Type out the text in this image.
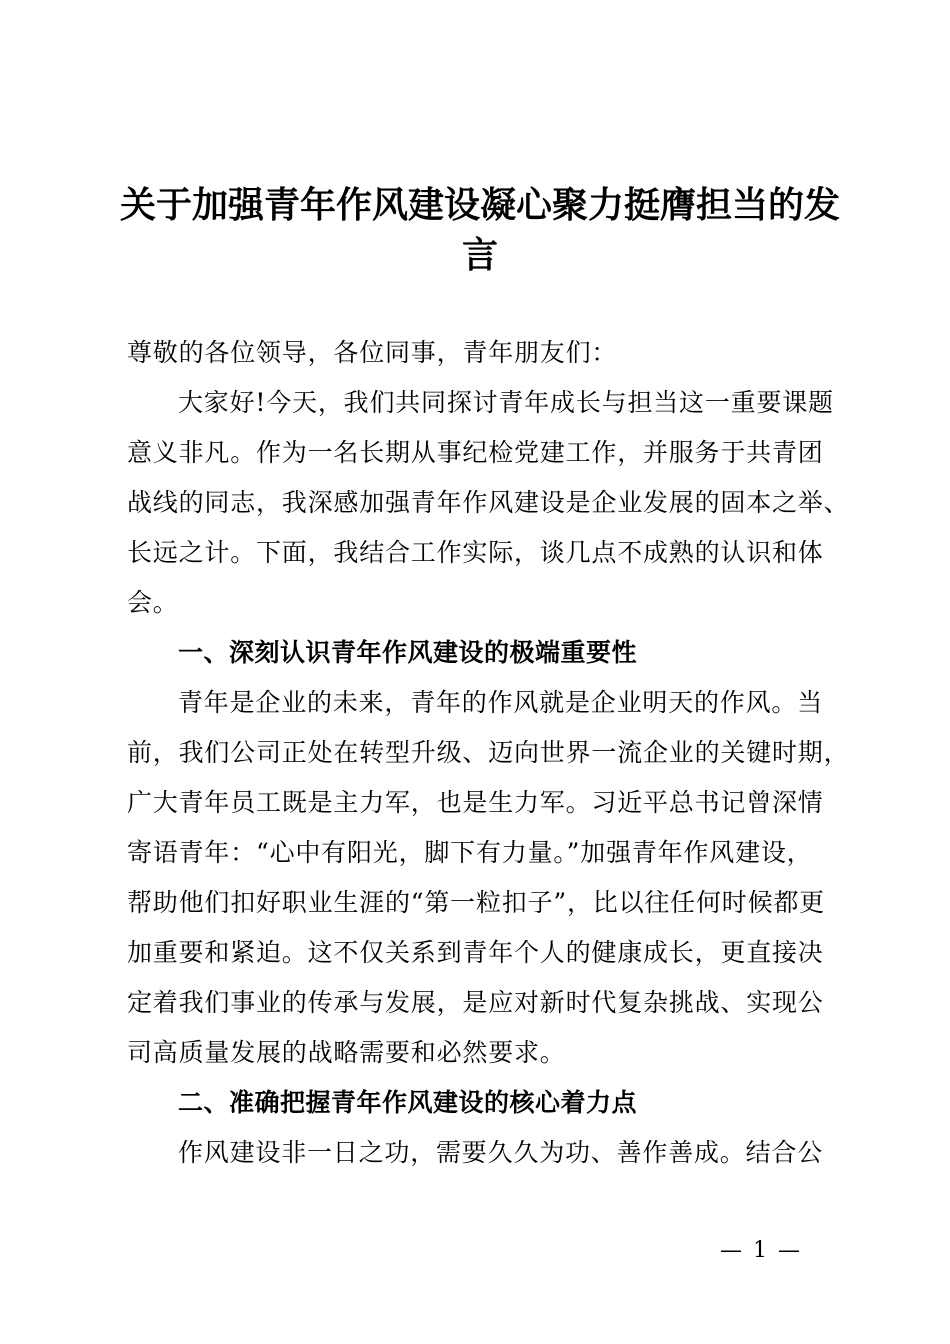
关于加强青年作风建设凝心聚力挺膺担当的发
言
尊敬的各位领导，各位同事，青年朋友们：
大家好!今天，我们共同探讨青年成长与担当这一重要课题
意义非凡。作为一名长期从事纪检党建工作，并服务于共青团
战线的同志，我深感加强青年作风建设是企业发展的固本之举、
长远之计。下面，我结合工作实际，谈几点不成熟的认识和体
会。
一、深刻认识青年作风建设的极端重要性
青年是企业的未来，青年的作风就是企业明天的作风。当
前，我们公司正处在转型升级、迈向世界一流企业的关键时期，
广大青年员工既是主力军，也是生力军。习近平总书记曾深情
寄语青年：“心中有阳光，脚下有力量。”加强青年作风建设，
帮助他们扣好职业生涯的“第一粒扣子”，比以往任何时候都更
加重要和紧迫。这不仅关系到青年个人的健康成长，更直接决
定着我们事业的传承与发展，是应对新时代复杂挑战、实现公
司高质量发展的战略需要和必然要求。
二、准确把握青年作风建设的核心着力点
作风建设非一日之功，需要久久为功、善作善成。结合公
— 1 —
